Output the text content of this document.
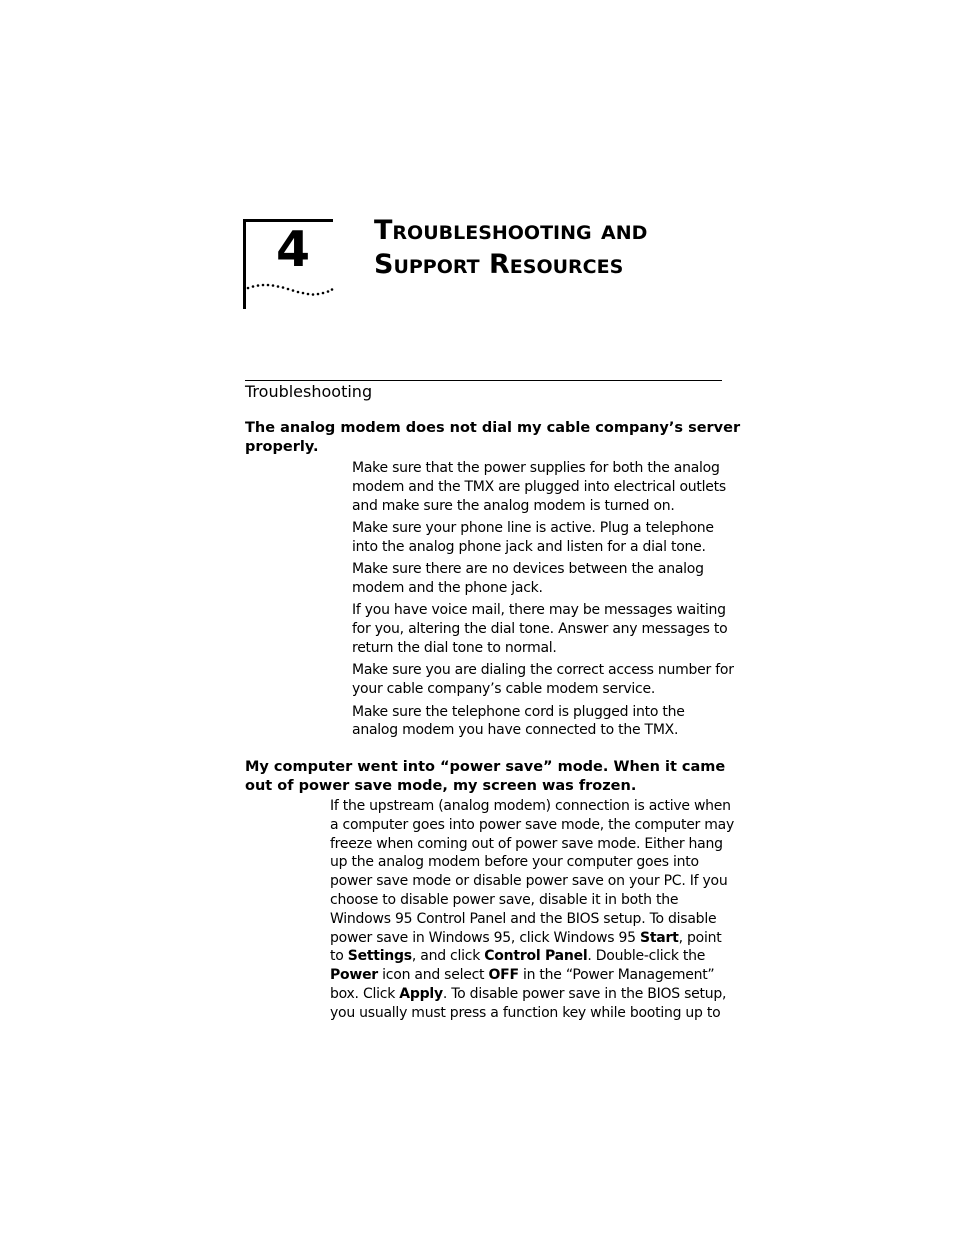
4 Troubleshooting and
Support Resources
Troubleshooting
The analog modem does not dial my cable company’s server
properly.

Make sure that the power supplies for both the analog
modem and the TMX are plugged into electrical outlets
and make sure the analog modem is turned on.

Make sure your phone line is active. Plug a telephone
into the analog phone jack and listen for a dial tone.

Make sure there are no devices between the analog
modem and the phone jack.

If you have voice mail, there may be messages waiting
for you, altering the dial tone. Answer any messages to
return the dial tone to normal.

Make sure you are dialing the correct access number for
your cable company’s cable modem service.

Make sure the telephone cord is plugged into the
analog modem you have connected to the TMX.

My computer went into “power save” mode. When it came
out of power save mode, my screen was frozen.
If the upstream (analog modem) connection is active when
a computer goes into power save mode, the computer may
freeze when coming out of power save mode. Either hang
up the analog modem before your computer goes into
power save mode or disable power save on your PC. If you
choose to disable power save, disable it in both the
Windows 95 Control Panel and the BIOS setup. To disable
power save in Windows 95, click Windows 95 Start, point
to Settings, and click Control Panel. Double-click the
Power icon and select OFF in the “Power Management”
box. Click Apply. To disable power save in the BIOS setup,
you usually must press a function key while booting up to
